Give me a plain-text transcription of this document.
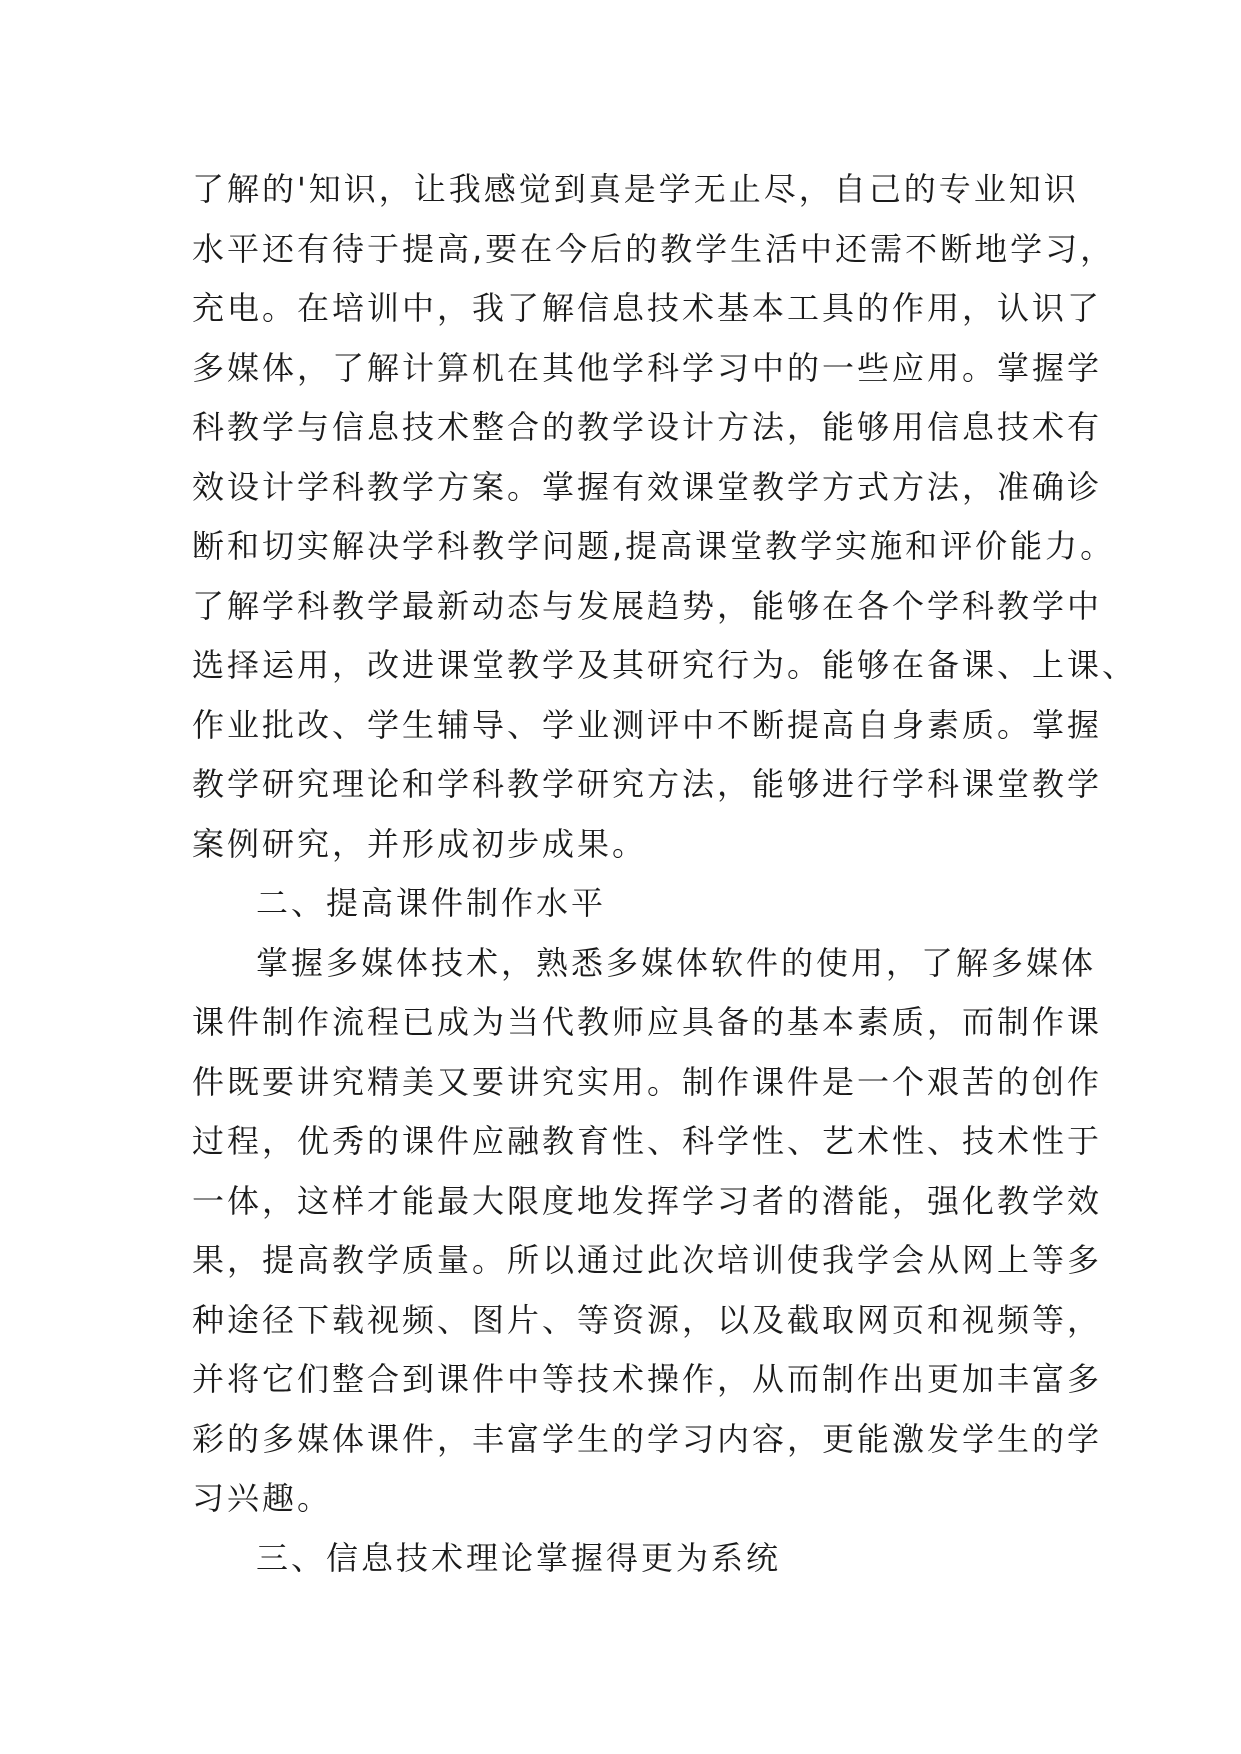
了解的'知识，让我感觉到真是学无止尽，自己的专业知识
水平还有待于提高,要在今后的教学生活中还需不断地学习，
充电。在培训中，我了解信息技术基本工具的作用，认识了
多媒体，了解计算机在其他学科学习中的一些应用。掌握学
科教学与信息技术整合的教学设计方法，能够用信息技术有
效设计学科教学方案。掌握有效课堂教学方式方法，准确诊
断和切实解决学科教学问题,提高课堂教学实施和评价能力。
了解学科教学最新动态与发展趋势，能够在各个学科教学中
选择运用，改进课堂教学及其研究行为。能够在备课、上课、
作业批改、学生辅导、学业测评中不断提高自身素质。掌握
教学研究理论和学科教学研究方法，能够进行学科课堂教学
案例研究，并形成初步成果。
二、提高课件制作水平
掌握多媒体技术，熟悉多媒体软件的使用，了解多媒体
课件制作流程已成为当代教师应具备的基本素质，而制作课
件既要讲究精美又要讲究实用。制作课件是一个艰苦的创作
过程，优秀的课件应融教育性、科学性、艺术性、技术性于
一体，这样才能最大限度地发挥学习者的潜能，强化教学效
果，提高教学质量。所以通过此次培训使我学会从网上等多
种途径下载视频、图片、等资源，以及截取网页和视频等，
并将它们整合到课件中等技术操作，从而制作出更加丰富多
彩的多媒体课件，丰富学生的学习内容，更能激发学生的学
习兴趣。
三、信息技术理论掌握得更为系统
